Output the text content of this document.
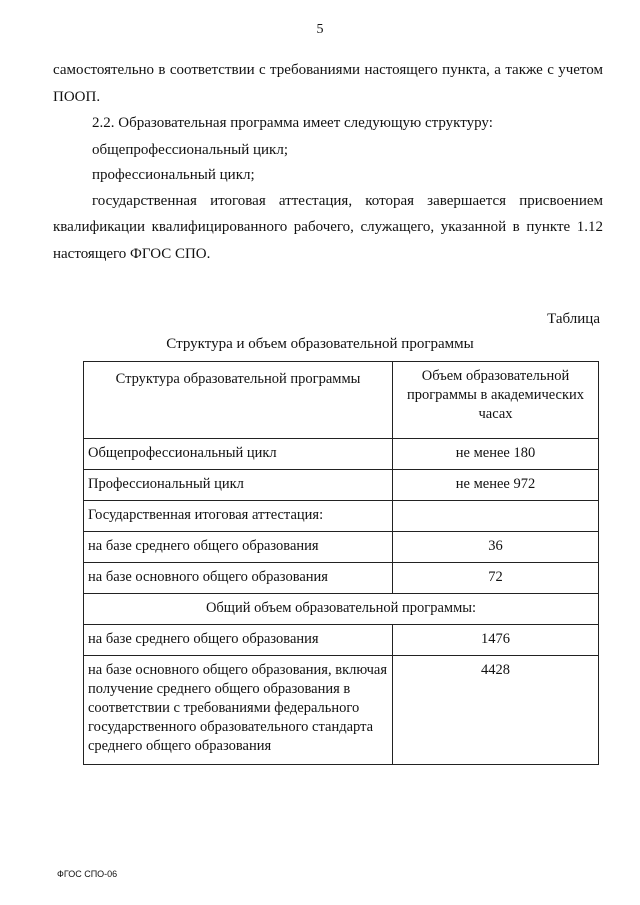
5

самостоятельно в соответствии с требованиями настоящего пункта, а также с учетом

ПООП.

2.2. Образовательная программа имеет следующую структуру:

общепрофессиональный цикл;

профессиональный цикл;

государственная итоговая аттестация, которая завершается присвоением

квалификации квалифицированного рабочего, служащего, указанной в пункте 1.12

настоящего ФГОС СПО.

Таблица
Структура и объем образовательной программы
Структура образовательной программы	Объем образовательной программы в академических часах
Общепрофессиональный цикл	не менее 180
Профессиональный цикл	не менее 972
Государственная итоговая аттестация:	
на базе среднего общего образования	36
на базе основного общего образования	72
Общий объем образовательной программы:	
на базе среднего общего образования	1476
на базе основного общего образования, включая получение среднего общего образования в соответствии с требованиями федерального государственного образовательного стандарта среднего общего образования	4428
ФГОС СПО-06
